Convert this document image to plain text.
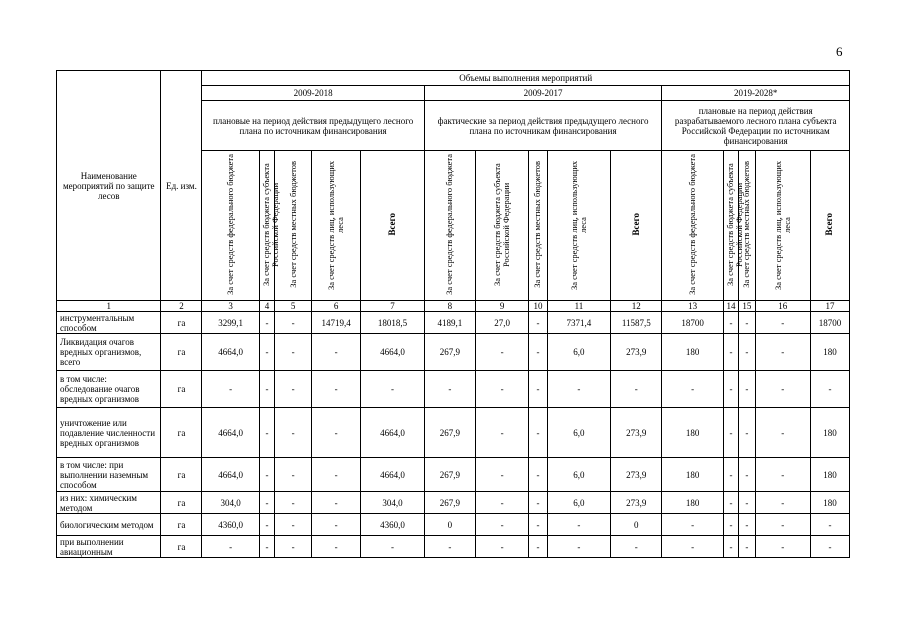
6
Наименование мероприятий по защите лесов	Ед. изм.	Объемы выполнения мероприятий														
		2009-2018					2009-2017					2019-2028*				
		плановые на период действия предыдущего лесного плана по источникам финансирования					фактические за период действия предыдущего лесного плана по источникам финансирования					плановые на период действия разрабатываемого лесного плана субъекта Российской Федерации по источникам финансирования				
		За счет средств федерального бюджета	За счет средств бюджета субъекта Российской Федерации	За счет средств местных бюджетов	За счет средств лиц, использующих леса	Всего	За счет средств федерального бюджета	За счет средств бюджета субъекта Российской Федерации	За счет средств местных бюджетов	За счет средств лиц, использующих леса	Всего	За счет средств федерального бюджета	За счет средств бюджета субъекта Российской Федерации	За счет средств местных бюджетов	За счет средств лиц, использующих леса	Всего

1	2	3	4	5	6	7	8	9	10	11	12	13	14	15	16	17
инструментальным способом	га	3299,1	-	-	14719,4	18018,5	4189,1	27,0	-	7371,4	11587,5	18700	-	-	-	18700
Ликвидация очагов вредных организмов, всего	га	4664,0	-	-	-	4664,0	267,9	-	-	6,0	273,9	180	-	-	-	180
в том числе: обследование очагов вредных организмов	га	-	-	-	-	-	-	-	-	-	-	-	-	-	-	-
уничтожение или подавление численности вредных организмов	га	4664,0	-	-	-	4664,0	267,9	-	-	6,0	273,9	180	-	-	-	180
в том числе: при выполнении наземным способом	га	4664,0	-	-	-	4664,0	267,9	-	-	6,0	273,9	180	-	-	-	180
из них: химическим методом	га	304,0	-	-	-	304,0	267,9	-	-	6,0	273,9	180	-	-	-	180
биологическим методом	га	4360,0	-	-	-	4360,0	0	-	-	-	0	-	-	-	-	-
при выполнении авиационным	га	-	-	-	-	-	-	-	-	-	-	-	-	-	-	-
